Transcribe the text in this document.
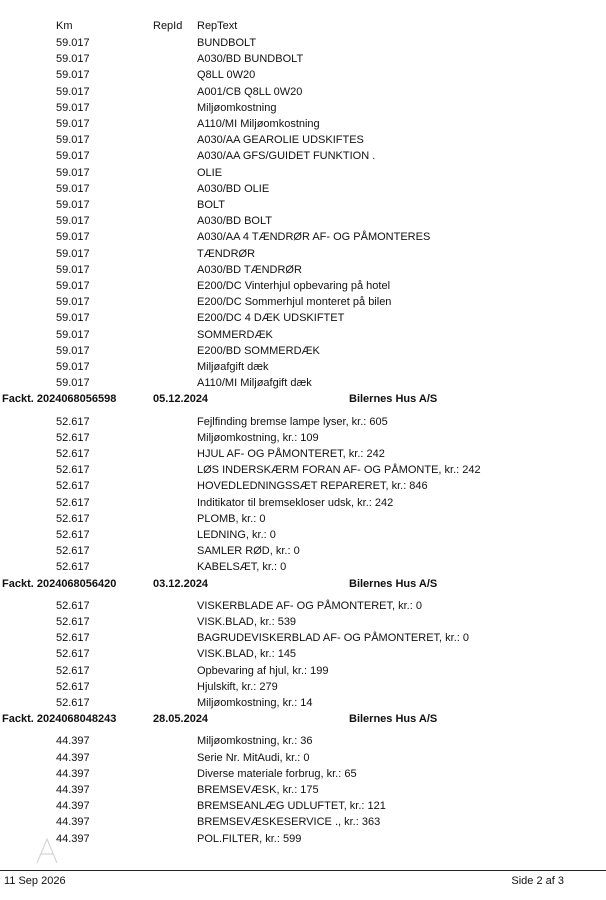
Km	RepId RepText
59.017	BUNDBOLT
59.017	A030/BD BUNDBOLT
59.017	Q8LL 0W20
59.017	A001/CB Q8LL 0W20
59.017	Miljøomkostning
59.017	A110/MI Miljøomkostning
59.017	A030/AA GEAROLIE UDSKIFTES
59.017	A030/AA GFS/GUIDET FUNKTION .
59.017	OLIE
59.017	A030/BD OLIE
59.017	BOLT
59.017	A030/BD BOLT
59.017	A030/AA 4 TÆNDRØR AF- OG PÅMONTERES
59.017	TÆNDRØR
59.017	A030/BD TÆNDRØR
59.017	E200/DC Vinterhjul opbevaring på hotel
59.017	E200/DC Sommerhjul monteret på bilen
59.017	E200/DC 4 DÆK UDSKIFTET
59.017	SOMMERDÆK
59.017	E200/BD SOMMERDÆK
59.017	Miljøafgift dæk
59.017	A110/MI Miljøafgift dæk
Fackt. 2024068056598	05.12.2024	Bilernes Hus A/S
52.617	Fejlfinding bremse lampe lyser, kr.: 605
52.617	Miljøomkostning, kr.: 109
52.617	HJUL AF- OG PÅMONTERET, kr.: 242
52.617	LØS INDERSKÆRM FORAN AF- OG PÅMONTE, kr.: 242
52.617	HOVEDLEDNINGSSÆT REPARERET, kr.: 846
52.617	Inditikator til bremsekloser udsk, kr.: 242
52.617	PLOMB, kr.: 0
52.617	LEDNING, kr.: 0
52.617	SAMLER RØD, kr.: 0
52.617	KABELSÆT, kr.: 0
Fackt. 2024068056420	03.12.2024	Bilernes Hus A/S
52.617	VISKERBLADE AF- OG PÅMONTERET, kr.: 0
52.617	VISK.BLAD, kr.: 539
52.617	BAGRUDEVISKERBLAD AF- OG PÅMONTERET, kr.: 0
52.617	VISK.BLAD, kr.: 145
52.617	Opbevaring af hjul, kr.: 199
52.617	Hjulskift, kr.: 279
52.617	Miljøomkostning, kr.: 14
Fackt. 2024068048243	28.05.2024	Bilernes Hus A/S
44.397	Miljøomkostning, kr.: 36
44.397	Serie Nr. MitAudi, kr.: 0
44.397	Diverse materiale forbrug, kr.: 65
44.397	BREMSEVÆSK, kr.: 175
44.397	BREMSEANLÆG UDLUFTET, kr.: 121
44.397	BREMSEVÆSKESERVICE ., kr.: 363
44.397	POL.FILTER, kr.: 599
11 Sep 2026	Side 2 af 3
